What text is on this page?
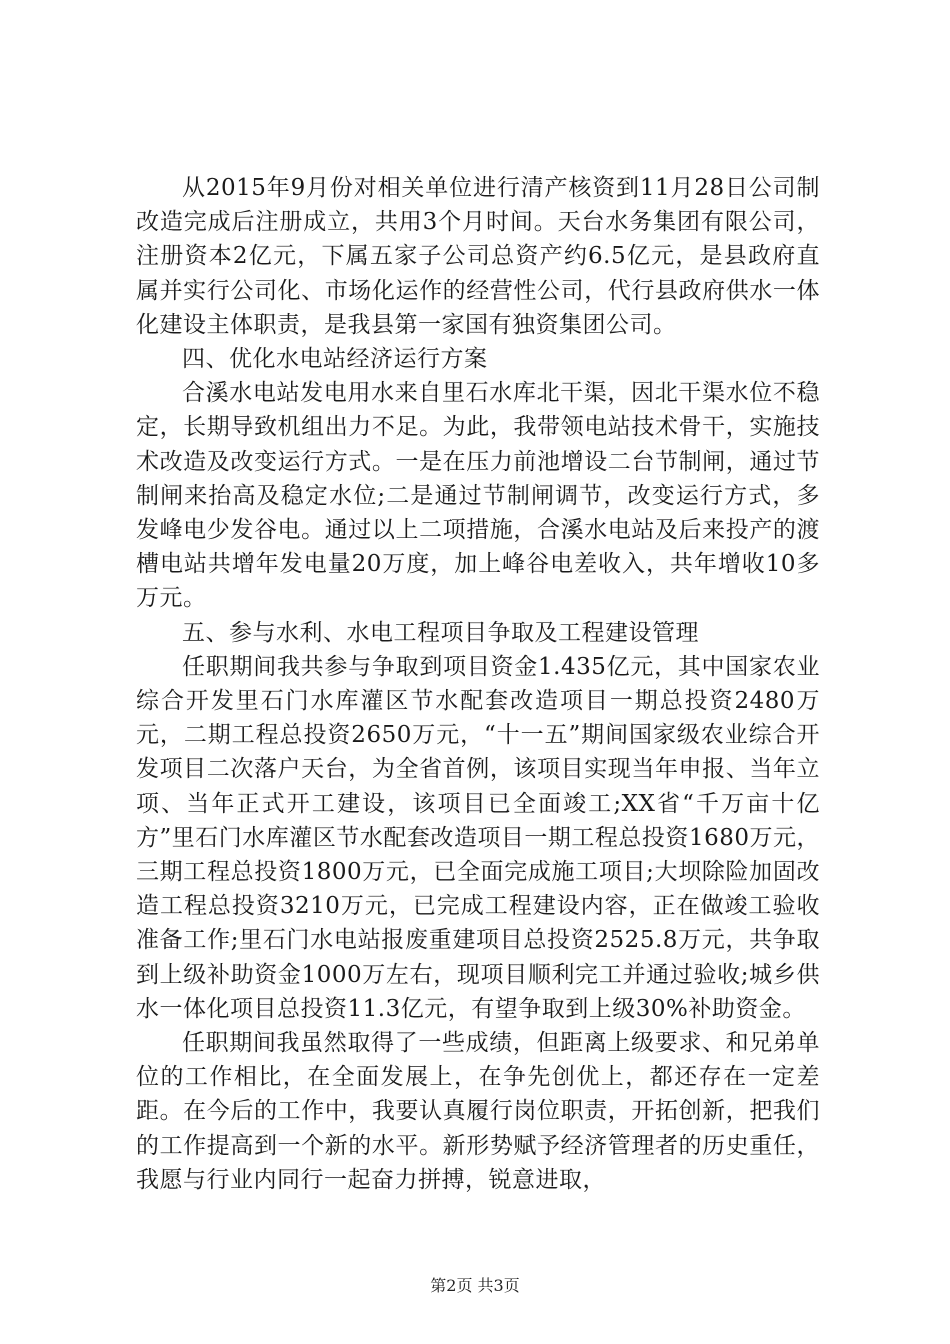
从2015年9月份对相关单位进行清产核资到11月28日公司制改造完成后注册成立，共用3个月时间。天台水务集团有限公司，注册资本2亿元，下属五家子公司总资产约6.5亿元，是县政府直属并实行公司化、市场化运作的经营性公司，代行县政府供水一体化建设主体职责，是我县第一家国有独资集团公司。

四、优化水电站经济运行方案

合溪水电站发电用水来自里石水库北干渠，因北干渠水位不稳定，长期导致机组出力不足。为此，我带领电站技术骨干，实施技术改造及改变运行方式。一是在压力前池增设二台节制闸，通过节制闸来抬高及稳定水位;二是通过节制闸调节，改变运行方式，多发峰电少发谷电。通过以上二项措施，合溪水电站及后来投产的渡槽电站共增年发电量20万度，加上峰谷电差收入，共年增收10多万元。

五、参与水利、水电工程项目争取及工程建设管理

任职期间我共参与争取到项目资金1.435亿元，其中国家农业综合开发里石门水库灌区节水配套改造项目一期总投资2480万元，二期工程总投资2650万元，“十一五”期间国家级农业综合开发项目二次落户天台，为全省首例，该项目实现当年申报、当年立项、当年正式开工建设，该项目已全面竣工;XX省“千万亩十亿方”里石门水库灌区节水配套改造项目一期工程总投资1680万元，三期工程总投资1800万元，已全面完成施工项目;大坝除险加固改造工程总投资3210万元，已完成工程建设内容，正在做竣工验收准备工作;里石门水电站报废重建项目总投资2525.8万元，共争取到上级补助资金1000万左右，现项目顺利完工并通过验收;城乡供水一体化项目总投资11.3亿元，有望争取到上级30%补助资金。

任职期间我虽然取得了一些成绩，但距离上级要求、和兄弟单位的工作相比，在全面发展上，在争先创优上，都还存在一定差距。在今后的工作中，我要认真履行岗位职责，开拓创新，把我们的工作提高到一个新的水平。新形势赋予经济管理者的历史重任，我愿与行业内同行一起奋力拼搏，锐意进取，

第2页 共3页
